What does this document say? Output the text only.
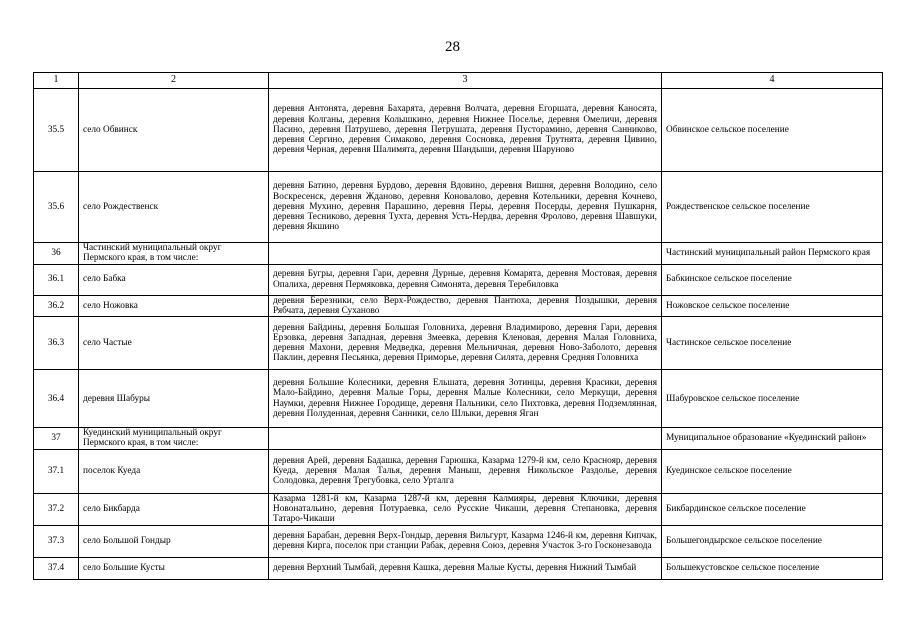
28
1	2	3	4
35.5	село Обвинск	деревня Антонята, деревня Бахарята, деревня Волчата, деревня Егоршата, деревня Каносята, деревня Колганы, деревня Колышкино, деревня Нижнее Поселье, деревня Омеличи, деревня Пасино, деревня Патрушево, деревня Петрушата, деревня Пусторамино, деревня Санниково, деревня Сергино, деревня Симаково, деревня Сосновка, деревня Трутнята, деревня Цивино, деревня Черная, деревня Шалимята, деревня Шандыши, деревня Шаруново	Обвинское сельское поселение
35.6	село Рождественск	деревня Батино, деревня Бурдово, деревня Вдовино, деревня Вишня, деревня Володино, село Воскресенск, деревня Жданово, деревня Коновалово, деревня Котельники, деревня Кочнево, деревня Мухино, деревня Парашино, деревня Перы, деревня Посерды, деревня Пушкарня, деревня Тесниково, деревня Тухта, деревня Усть-Нердва, деревня Фролово, деревня Шавшуки, деревня Якшино	Рождественское сельское поселение
36	Частинский муниципальный округ Пермского края, в том числе:		Частинский муниципальный район Пермского края
36.1	село Бабка	деревня Бугры, деревня Гари, деревня Дурные, деревня Комарята, деревня Мостовая, деревня Опалиха, деревня Пермяковка, деревня Симонята, деревня Теребиловка	Бабкинское сельское поселение
36.2	село Ножовка	деревня Березники, село Верх-Рождество, деревня Пантюха, деревня Поздышки, деревня Рябчата, деревня Суханово	Ножовское сельское поселение
36.3	село Частые	деревня Байдины, деревня Большая Головниха, деревня Владимирово, деревня Гари, деревня Ерзовка, деревня Западная, деревня Змеевка, деревня Кленовая, деревня Малая Головниха, деревня Махони, деревня Медведка, деревня Мельничная, деревня Ново-Заболото, деревня Паклин, деревня Песьянка, деревня Приморье, деревня Силята, деревня Средняя Головниха	Частинское сельское поселение
36.4	деревня Шабуры	деревня Большие Колесники, деревня Ельшата, деревня Зотинцы, деревня Красики, деревня Мало-Байдино, деревня Малые Горы, деревня Малые Колесники, село Меркущи, деревня Наумки, деревня Нижнее Городище, деревня Пальники, село Пихтовка, деревня Подземлянная, деревня Полуденная, деревня Санники, село Шлыки, деревня Яган	Шабуровское сельское поселение
37	Куединский муниципальный округ Пермского края, в том числе:		Муниципальное образование «Куединский район»
37.1	поселок Куеда	деревня Арей, деревня Бадашка, деревня Гарюшка, Казарма 1279-й км, село Краснояр, деревня Куеда, деревня Малая Талья, деревня Маныш, деревня Никольское Раздолье, деревня Солодовка, деревня Трегубовка, село Урталга	Куединское сельское поселение
37.2	село Бикбарда	Казарма 1281-й км, Казарма 1287-й км, деревня Калмияры, деревня Ключики, деревня Новонатальино, деревня Потураевка, село Русские Чикаши, деревня Степановка, деревня Татаро-Чикаши	Бикбардинское сельское поселение
37.3	село Большой Гондыр	деревня Барабан, деревня Верх-Гондыр, деревня Вильгурт, Казарма 1246-й км, деревня Кипчак, деревня Кирга, поселок при станции Рабак, деревня Союз, деревня Участок 3-го Госконезавода	Большегондырское сельское поселение
37.4	село Большие Кусты	деревня Верхний Тымбай, деревня Кашка, деревня Малые Кусты, деревня Нижний Тымбай	Большекустовское сельское поселение
